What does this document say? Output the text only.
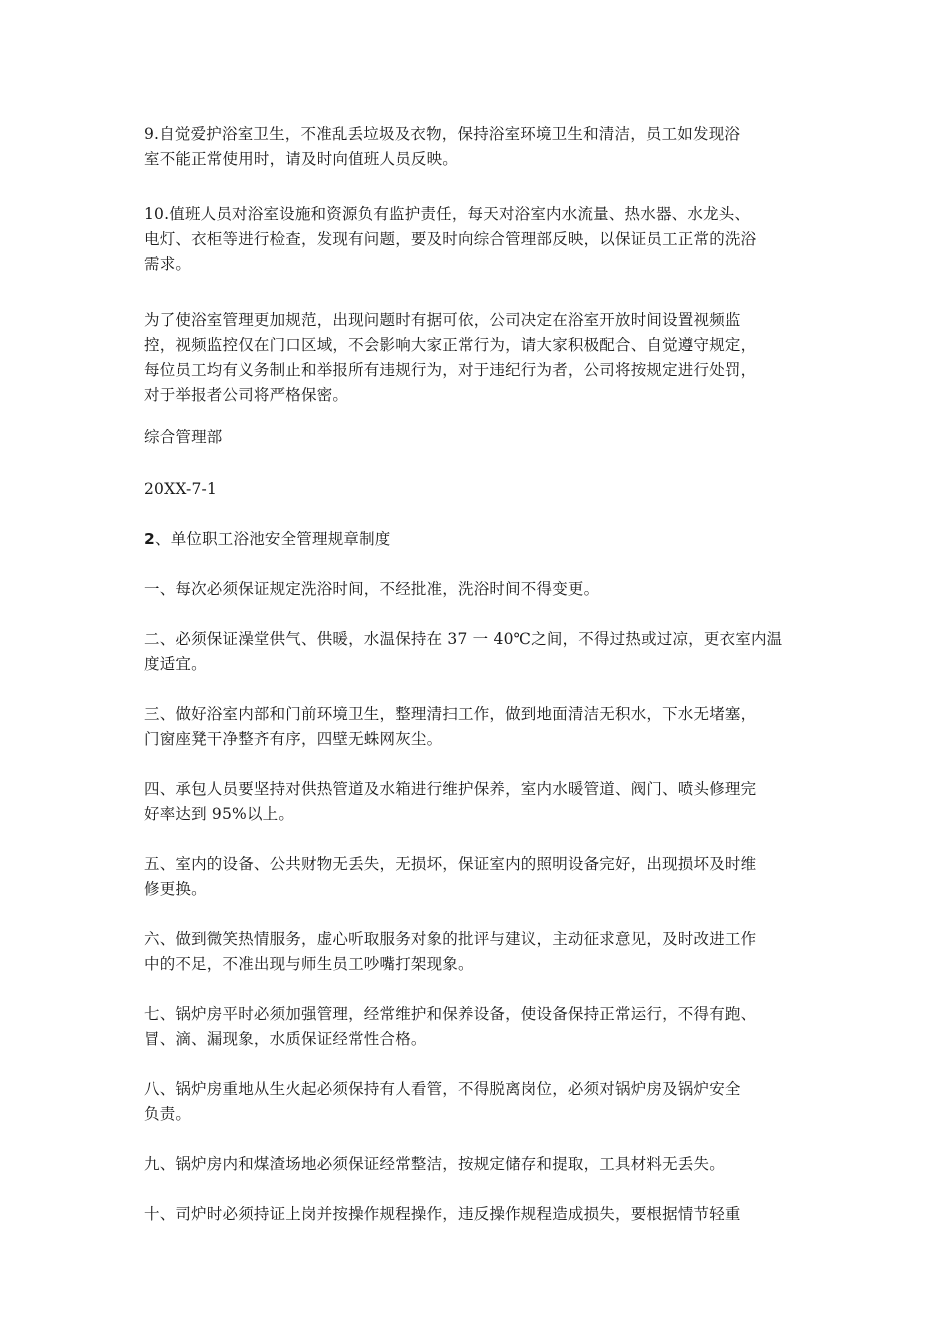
9.自觉爱护浴室卫生，不准乱丢垃圾及衣物，保持浴室环境卫生和清洁，员工如发现浴
室不能正常使用时，请及时向值班人员反映。

10.值班人员对浴室设施和资源负有监护责任，每天对浴室内水流量、热水器、水龙头、
电灯、衣柜等进行检查，发现有问题，要及时向综合管理部反映，以保证员工正常的洗浴
需求。

为了使浴室管理更加规范，出现问题时有据可依，公司决定在浴室开放时间设置视频监
控，视频监控仅在门口区域，不会影响大家正常行为，请大家积极配合、自觉遵守规定，
每位员工均有义务制止和举报所有违规行为，对于违纪行为者，公司将按规定进行处罚，
对于举报者公司将严格保密。

综合管理部

20XX-7-1

2、单位职工浴池安全管理规章制度

一、每次必须保证规定洗浴时间，不经批准，洗浴时间不得变更。

二、必须保证澡堂供气、供暖，水温保持在 37 一 40℃之间，不得过热或过凉，更衣室内温
度适宜。

三、做好浴室内部和门前环境卫生，整理清扫工作，做到地面清洁无积水，下水无堵塞，
门窗座凳干净整齐有序，四壁无蛛网灰尘。

四、承包人员要坚持对供热管道及水箱进行维护保养，室内水暖管道、阀门、喷头修理完
好率达到 95%以上。

五、室内的设备、公共财物无丢失，无损坏，保证室内的照明设备完好，出现损坏及时维
修更换。

六、做到微笑热情服务，虚心听取服务对象的批评与建议，主动征求意见，及时改进工作
中的不足，不准出现与师生员工吵嘴打架现象。

七、锅炉房平时必须加强管理，经常维护和保养设备，使设备保持正常运行，不得有跑、
冒、滴、漏现象，水质保证经常性合格。

八、锅炉房重地从生火起必须保持有人看管，不得脱离岗位，必须对锅炉房及锅炉安全
负责。

九、锅炉房内和煤渣场地必须保证经常整洁，按规定储存和提取，工具材料无丢失。

十、司炉时必须持证上岗并按操作规程操作，违反操作规程造成损失，要根据情节轻重
